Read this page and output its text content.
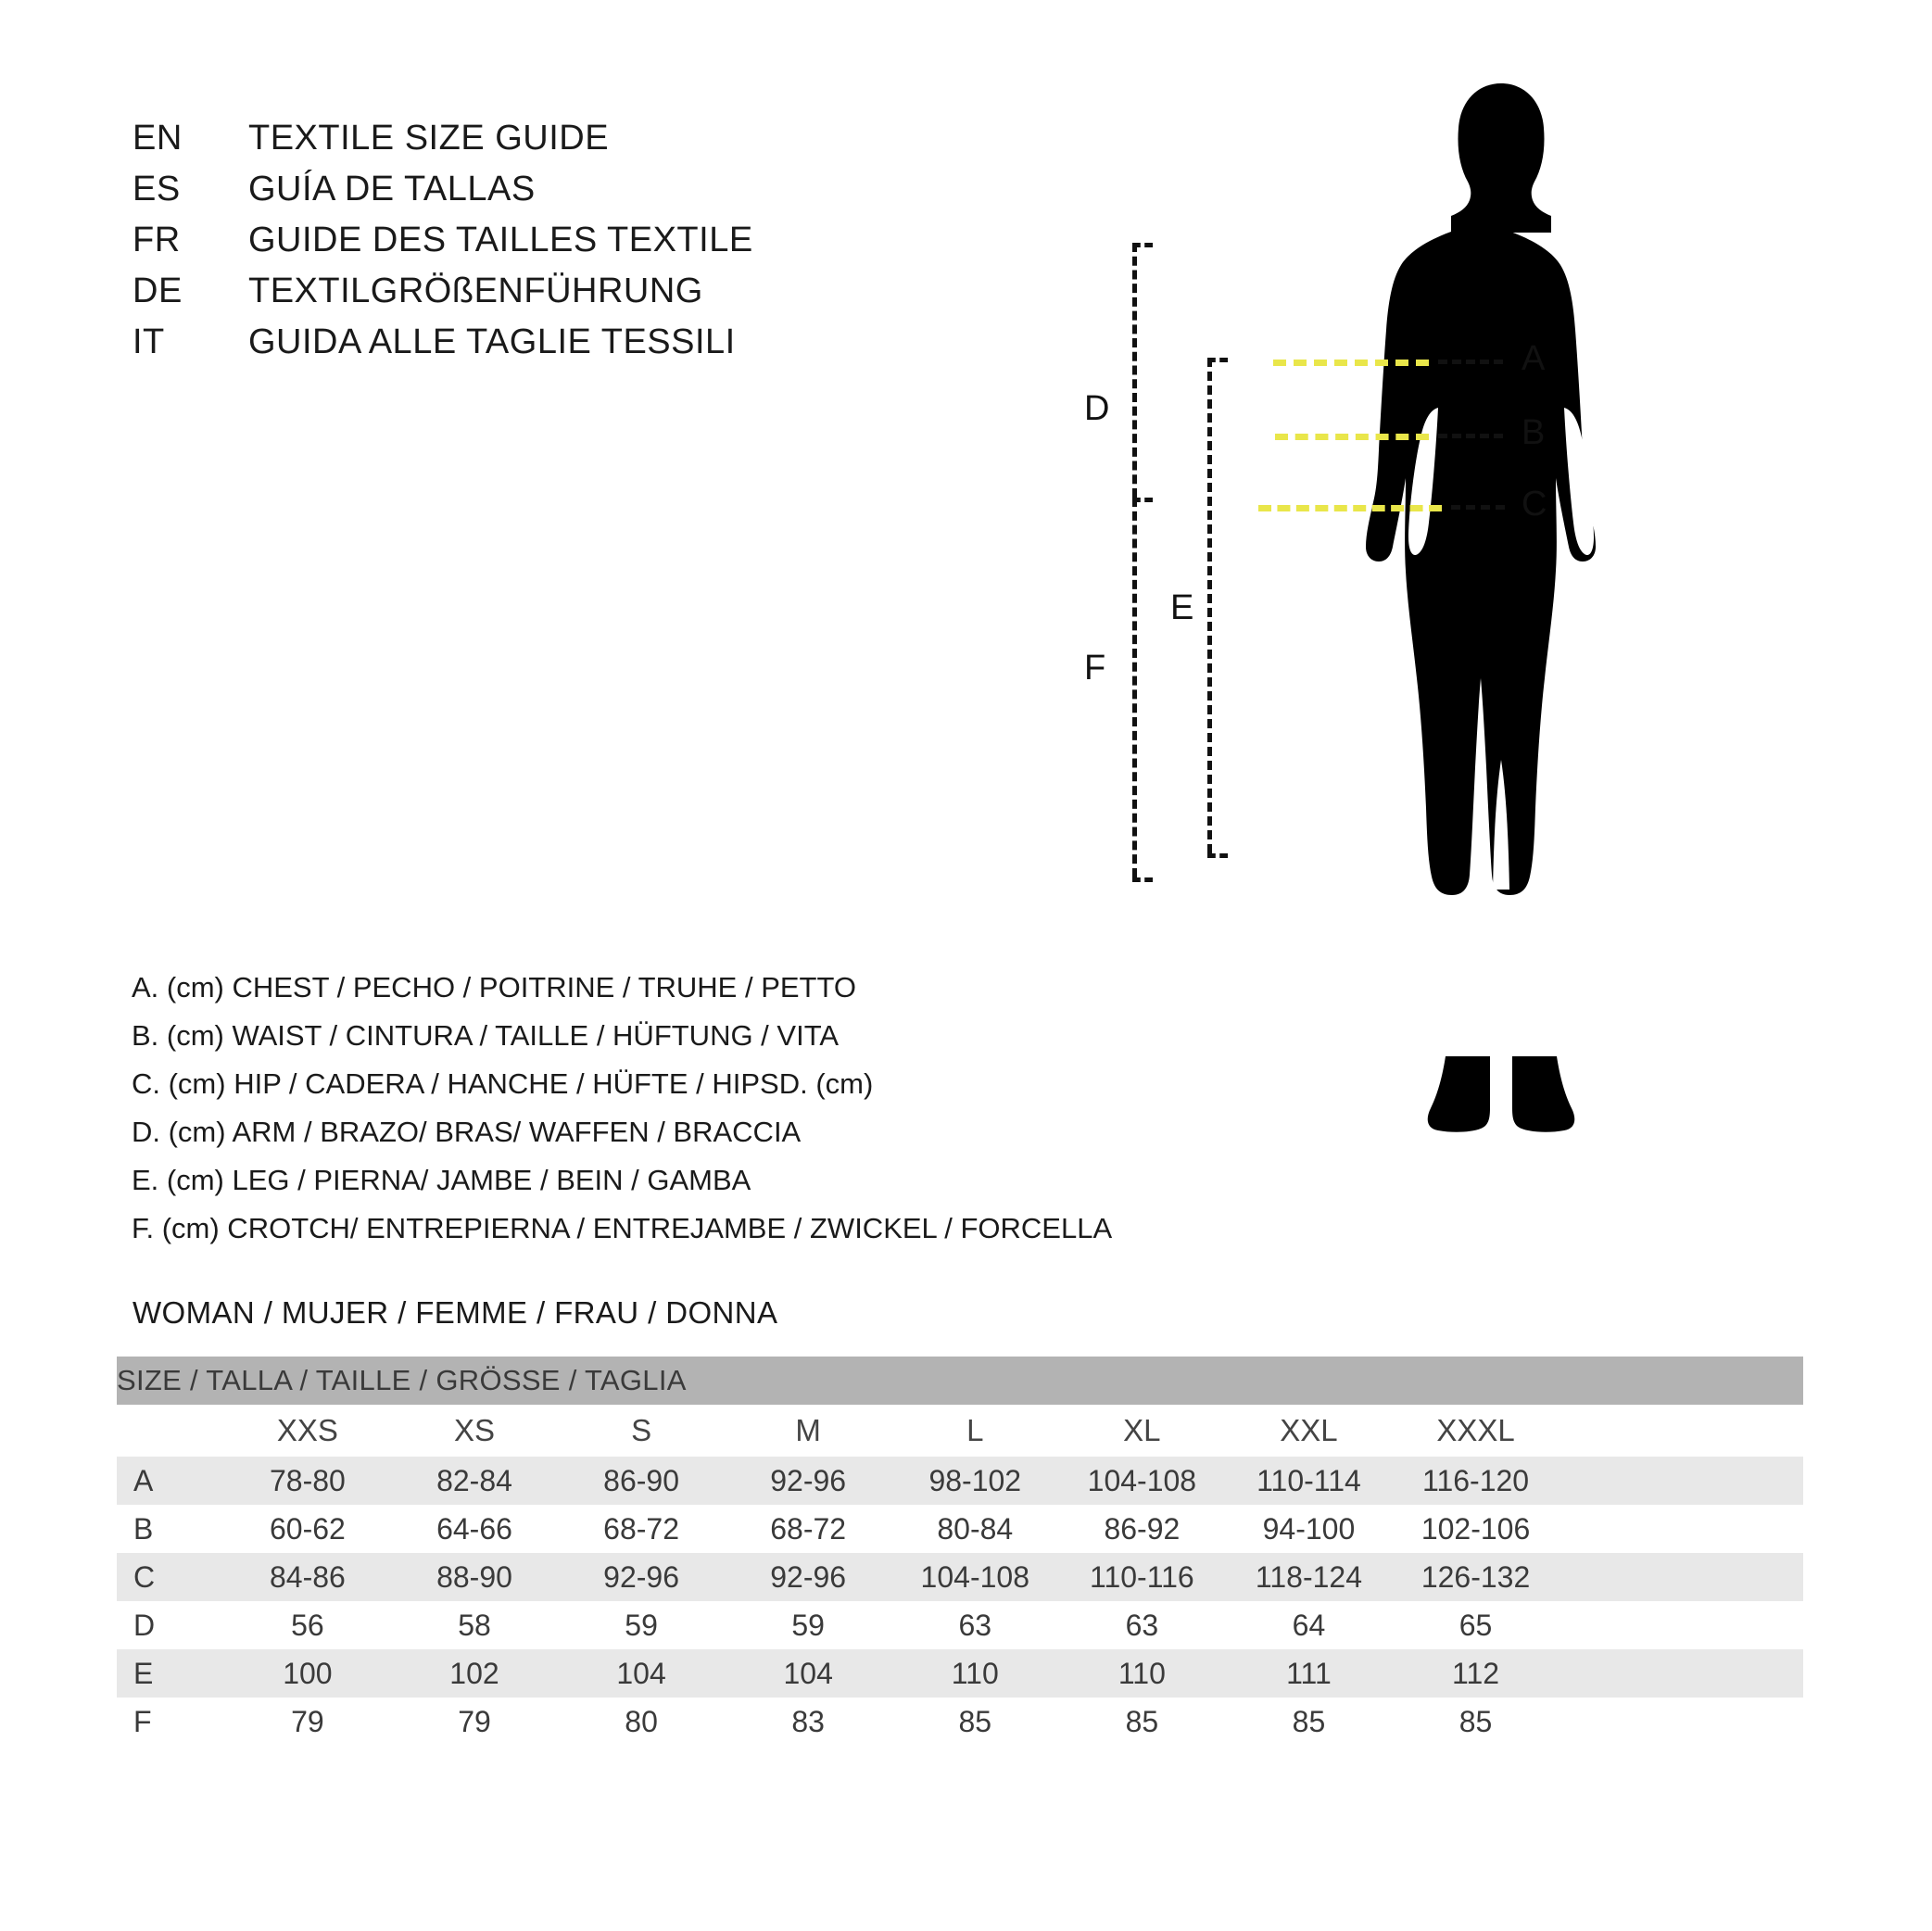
EN	TEXTILE SIZE GUIDE
ES	GUÍA DE TALLAS
FR	GUIDE DES TAILLES TEXTILE
DE	TEXTILGRÖßENFÜHRUNG
IT	GUIDA ALLE TAGLIE TESSILI	A
B
C
D
E
F
A. (cm) CHEST / PECHO / POITRINE / TRUHE / PETTO
B. (cm) WAIST / CINTURA / TAILLE / HÜFTUNG / VITA
C. (cm) HIP / CADERA / HANCHE / HÜFTE / HIPSD. (cm)
D. (cm) ARM / BRAZO/ BRAS/ WAFFEN / BRACCIA
E. (cm) LEG / PIERNA/ JAMBE / BEIN / GAMBA
F. (cm) CROTCH/ ENTREPIERNA / ENTREJAMBE / ZWICKEL / FORCELLA
WOMAN / MUJER / FEMME / FRAU / DONNA
SIZE / TALLA / TAILLE / GRÖSSE / TAGLIA									
	XXS	XS	S	M	L	XL	XXL	XXXL	
A	78-80	82-84	86-90	92-96	98-102	104-108	110-114	116-120	
B	60-62	64-66	68-72	68-72	80-84	86-92	94-100	102-106	
C	84-86	88-90	92-96	92-96	104-108	110-116	118-124	126-132	
D	56	58	59	59	63	63	64	65	
E	100	102	104	104	110	110	111	112	
F	79	79	80	83	85	85	85	85	
